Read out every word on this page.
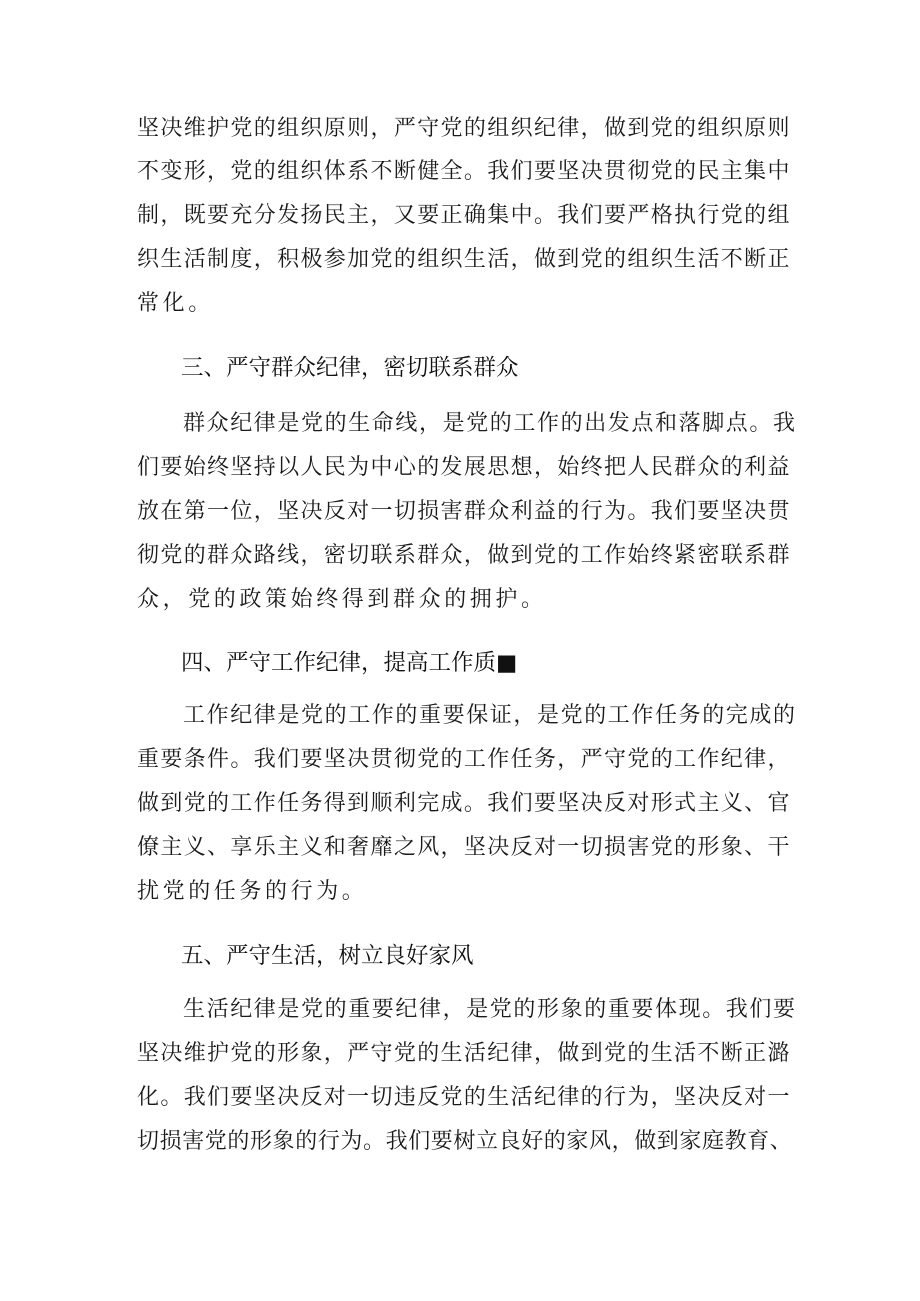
坚决维护党的组织原则，严守党的组织纪律，做到党的组织原则
不变形，党的组织体系不断健全。我们要坚决贯彻党的民主集中
制，既要充分发扬民主，又要正确集中。我们要严格执行党的组
织生活制度，积极参加党的组织生活，做到党的组织生活不断正
常化。
三、严守群众纪律，密切联系群众
群众纪律是党的生命线，是党的工作的出发点和落脚点。我
们要始终坚持以人民为中心的发展思想，始终把人民群众的利益
放在第一位，坚决反对一切损害群众利益的行为。我们要坚决贯
彻党的群众路线，密切联系群众，做到党的工作始终紧密联系群
众，党的政策始终得到群众的拥护。
四、严守工作纪律，提高工作质■
工作纪律是党的工作的重要保证，是党的工作任务的完成的
重要条件。我们要坚决贯彻党的工作任务，严守党的工作纪律，
做到党的工作任务得到顺利完成。我们要坚决反对形式主义、官
僚主义、享乐主义和奢靡之风，坚决反对一切损害党的形象、干
扰党的任务的行为。
五、严守生活，树立良好家风
生活纪律是党的重要纪律，是党的形象的重要体现。我们要
坚决维护党的形象，严守党的生活纪律，做到党的生活不断正潞
化。我们要坚决反对一切违反党的生活纪律的行为，坚决反对一
切损害党的形象的行为。我们要树立良好的家风，做到家庭教育、
